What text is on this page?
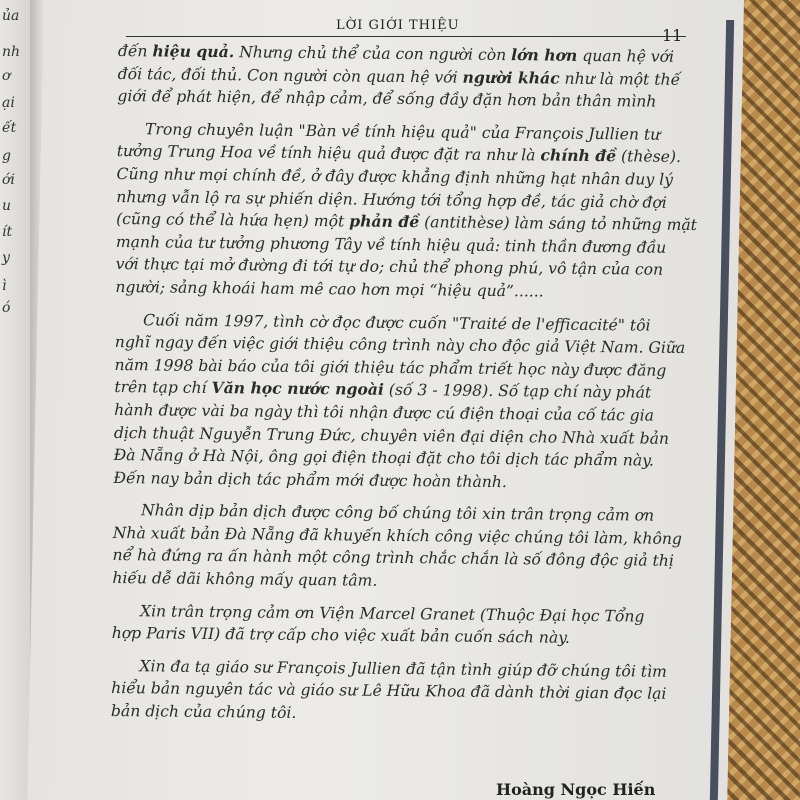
ủa
nh
ơ
ại
ết
g
ới
u
ít
y
ì
ó
LỜI GIỚI THIỆU
11
đến hiệu quả. Nhưng chủ thể của con người còn lớn hơn quan hệ với
đối tác, đối thủ. Con người còn quan hệ với người khác như là một thế
giới để phát hiện, để nhập cảm, để sống đầy đặn hơn bản thân mình
Trong chuyên luận "Bàn về tính hiệu quả" của François Jullien tư
tưởng Trung Hoa về tính hiệu quả được đặt ra như là chính đề (thèse).
Cũng như mọi chính đề, ở đây được khẳng định những hạt nhân duy lý
nhưng vẫn lộ ra sự phiến diện. Hướng tới tổng hợp đề, tác giả chờ đợi
(cũng có thể là hứa hẹn) một phản đề (antithèse) làm sáng tỏ những mặt
mạnh của tư tưởng phương Tây về tính hiệu quả: tinh thần đương đầu
với thực tại mở đường đi tới tự do; chủ thể phong phú, vô tận của con
người; sảng khoái ham mê cao hơn mọi “hiệu quả”......
Cuối năm 1997, tình cờ đọc được cuốn "Traité de l'efficacité" tôi
nghĩ ngay đến việc giới thiệu công trình này cho độc giả Việt Nam. Giữa
năm 1998 bài báo của tôi giới thiệu tác phẩm triết học này được đăng
trên tạp chí Văn học nước ngoài (số 3 - 1998). Số tạp chí này phát
hành được vài ba ngày thì tôi nhận được cú điện thoại của cố tác gia
dịch thuật Nguyễn Trung Đức, chuyên viên đại diện cho Nhà xuất bản
Đà Nẵng ở Hà Nội, ông gọi điện thoại đặt cho tôi dịch tác phẩm này.
Đến nay bản dịch tác phẩm mới được hoàn thành.
Nhân dịp bản dịch được công bố chúng tôi xin trân trọng cảm ơn
Nhà xuất bản Đà Nẵng đã khuyến khích công việc chúng tôi làm, không
nể hà đứng ra ấn hành một công trình chắc chắn là số đông độc giả thị
hiếu dễ dãi không mấy quan tâm.
Xin trân trọng cảm ơn Viện Marcel Granet (Thuộc Đại học Tổng
hợp Paris VII) đã trợ cấp cho việc xuất bản cuốn sách này.
Xin đa tạ giáo sư François Jullien đã tận tình giúp đỡ chúng tôi tìm
hiểu bản nguyên tác và giáo sư Lê Hữu Khoa đã dành thời gian đọc lại
bản dịch của chúng tôi.
Hoàng Ngọc Hiến
